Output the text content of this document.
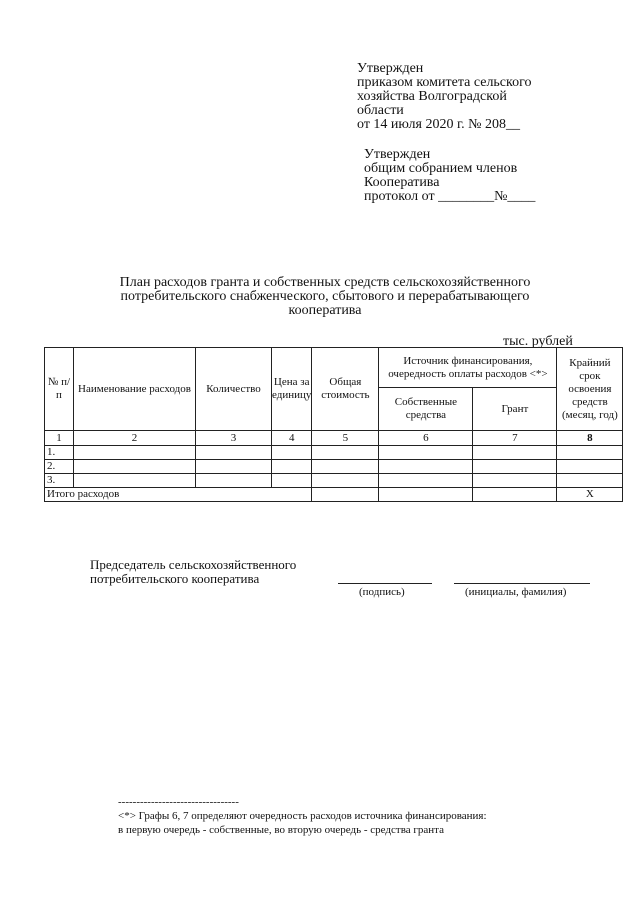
Утвержден
приказом комитета сельского
хозяйства Волгоградской
области
от 14 июля 2020 г. № 208__
Утвержден
общим собранием членов
Кооператива
протокол от ________№____
План расходов гранта и собственных средств сельскохозяйственного
потребительского снабженческого, сбытового и перерабатывающего
кооператива
тыс. рублей
№ п/п	Наименование расходов	Количество	Цена за единицу	Общая стоимость	Источник финансирования, очередность оплаты расходов <*>		Крайний срок освоения средств (месяц, год)
					Собственные средства	Грант	
1	2	3	4	5	6	7	8
1.							
2.							
3.							
Итого расходов							X
Председатель сельскохозяйственного
потребительского кооператива
(подпись)	(инициалы, фамилия)
---------------------------------
<*> Графы 6, 7 определяют очередность расходов источника финансирования:
в первую очередь - собственные, во вторую очередь - средства гранта
